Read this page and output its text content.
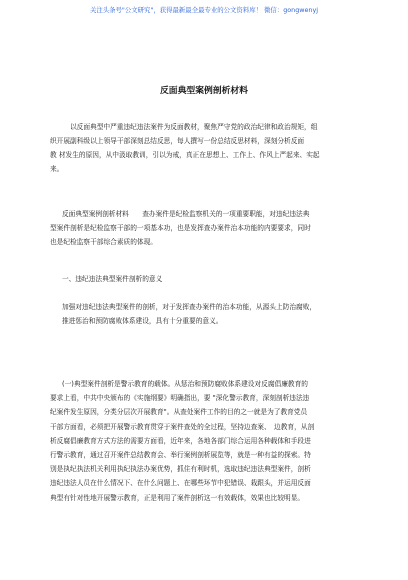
关注头条号"公文研究"，获得最新最全最专业的公文资料库！ 微信：gongwenyj
反面典型案例剖析材料
以反面典型中严重违纪违法案件为反面教材，聚焦严守党的政治纪律和政治规矩，组
织开展副科级以上领导干部深刻总结反思，每人撰写一份总结反思材料，深刻分析反面
教 材发生的原因，从中汲取教训，引以为戒，真正在思想上、工作上、作风上严起来、实起
来。
反面典型案例剖析材料　　查办案件是纪检监察机关的一项重要职能，对违纪违法典
型案件剖析是纪检监察干部的一项基本功，也是发挥查办案件治本功能的内要要求，同时
也是纪检监察干部综合素质的体现。
一、违纪违法典型案件剖析的意义
加强对违纪违法典型案件的剖析，对于发挥查办案件的治本功能，从源头上防治腐败，
推进惩治和预防腐败体系建设，具有十分重要的意义。
(一)典型案件剖析是警示教育的载体。从惩治和预防腐败体系建设对反腐倡廉教育的
要求上看，中共中央颁布的《实施纲要》明确指出，要 "深化警示教育，深刻剖析违法违
纪案件发生原因，分类分层次开展教育"。从查处案件工作的目的之一就是为了教育党员
干部方面看，必须把开展警示教育贯穿于案件查处的全过程，坚持边查案、　边教育，从剖
析反腐倡廉教育方式方法的需要方面看，近年来，各地各部门综合运用各种载体和手段进
行警示教育，通过召开案件总结教育会、举行案例剖析展览等，就是一种有益的探索。特
别是执纪执法机关利用执纪执法办案优势，抓住有利时机，选取违纪违法典型案件，剖析
违纪违法人员在什么情况下、在什么问题上、在哪些环节中犯错误、栽跟头，并运用反面
典型有针对性地开展警示教育，正是利用了案件剖析这一有效载体，效果也比较明显。
